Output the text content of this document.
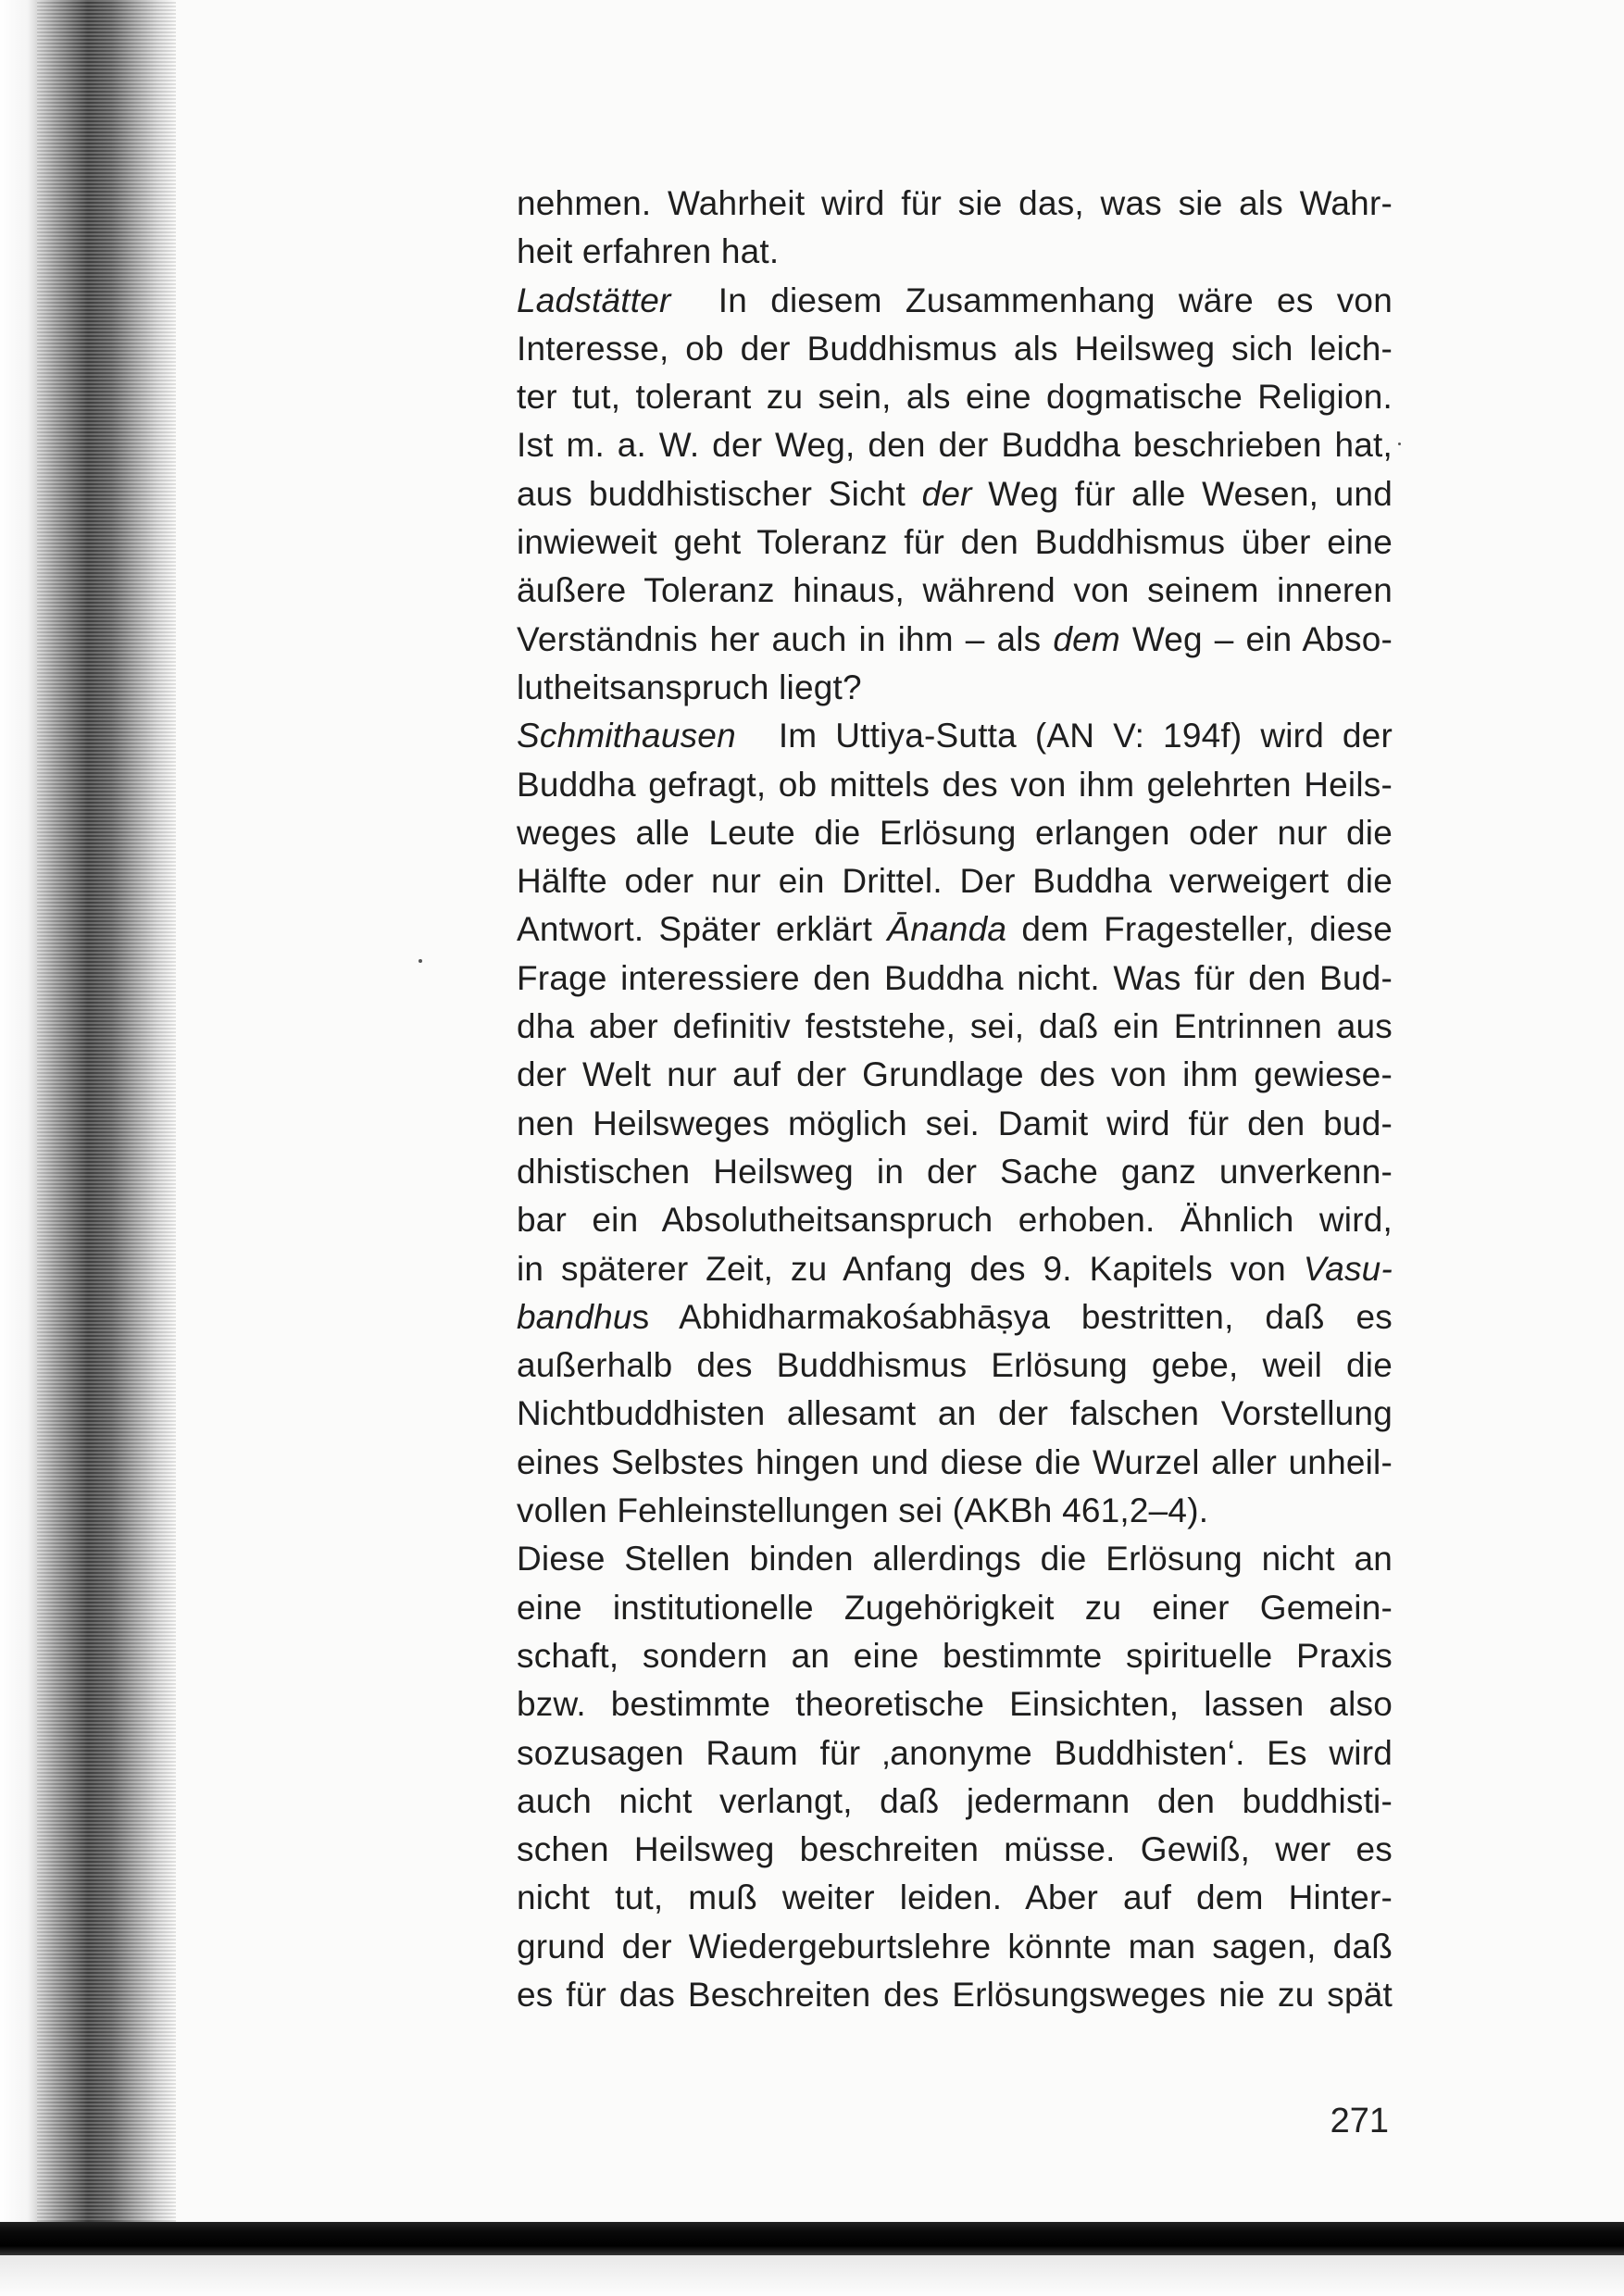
nehmen. Wahrheit wird für sie das, was sie als Wahr-
heit erfahren hat.
Ladstätter In diesem Zusammenhang wäre es von
Interesse, ob der Buddhismus als Heilsweg sich leich-
ter tut, tolerant zu sein, als eine dogmatische Religion.
Ist m. a. W. der Weg, den der Buddha beschrieben hat,
aus buddhistischer Sicht der Weg für alle Wesen, und
inwieweit geht Toleranz für den Buddhismus über eine
äußere Toleranz hinaus, während von seinem inneren
Verständnis her auch in ihm – als dem Weg – ein Abso-
lutheitsanspruch liegt?
Schmithausen Im Uttiya-Sutta (AN V: 194f) wird der
Buddha gefragt, ob mittels des von ihm gelehrten Heils-
weges alle Leute die Erlösung erlangen oder nur die
Hälfte oder nur ein Drittel. Der Buddha verweigert die
Antwort. Später erklärt Ānanda dem Fragesteller, diese
Frage interessiere den Buddha nicht. Was für den Bud-
dha aber definitiv feststehe, sei, daß ein Entrinnen aus
der Welt nur auf der Grundlage des von ihm gewiese-
nen Heilsweges möglich sei. Damit wird für den bud-
dhistischen Heilsweg in der Sache ganz unverkenn-
bar ein Absolutheitsanspruch erhoben. Ähnlich wird,
in späterer Zeit, zu Anfang des 9. Kapitels von Vasu-
bandhus Abhidharmakośabhāṣya bestritten, daß es
außerhalb des Buddhismus Erlösung gebe, weil die
Nichtbuddhisten allesamt an der falschen Vorstellung
eines Selbstes hingen und diese die Wurzel aller unheil-
vollen Fehleinstellungen sei (AKBh 461,2–4).
Diese Stellen binden allerdings die Erlösung nicht an
eine institutionelle Zugehörigkeit zu einer Gemein-
schaft, sondern an eine bestimmte spirituelle Praxis
bzw. bestimmte theoretische Einsichten, lassen also
sozusagen Raum für ‚anonyme Buddhisten‘. Es wird
auch nicht verlangt, daß jedermann den buddhisti-
schen Heilsweg beschreiten müsse. Gewiß, wer es
nicht tut, muß weiter leiden. Aber auf dem Hinter-
grund der Wiedergeburtslehre könnte man sagen, daß
es für das Beschreiten des Erlösungsweges nie zu spät
271
